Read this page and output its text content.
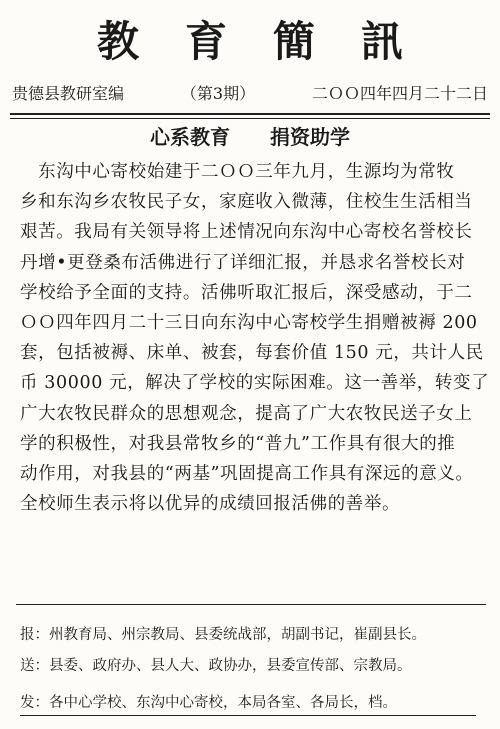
教育簡訊
贵德县教研室编	（第3期）	二ＯＯ四年四月二十二日
心系教育　　捐资助学

　东沟中心寄校始建于二ＯＯ三年九月，生源均为常牧

乡和东沟乡农牧民子女，家庭收入微薄，住校生生活相当

艰苦。我局有关领导将上述情况向东沟中心寄校名誉校长

丹增•更登桑布活佛进行了详细汇报，并恳求名誉校长对

学校给予全面的支持。活佛听取汇报后，深受感动，于二

ＯＯ四年四月二十三日向东沟中心寄校学生捐赠被褥 200

套，包括被褥、床单、被套，每套价值 150 元，共计人民

币 30000 元，解决了学校的实际困难。这一善举，转变了

广大农牧民群众的思想观念，提高了广大农牧民送子女上

学的积极性，对我县常牧乡的“普九”工作具有很大的推

动作用，对我县的“两基”巩固提高工作具有深远的意义。

全校师生表示将以优异的成绩回报活佛的善举。

报：州教育局、州宗教局、县委统战部，胡副书记，崔副县长。
送：县委、政府办、县人大、政协办，县委宣传部、宗教局。
发：各中心学校、东沟中心寄校，本局各室、各局长，档。
